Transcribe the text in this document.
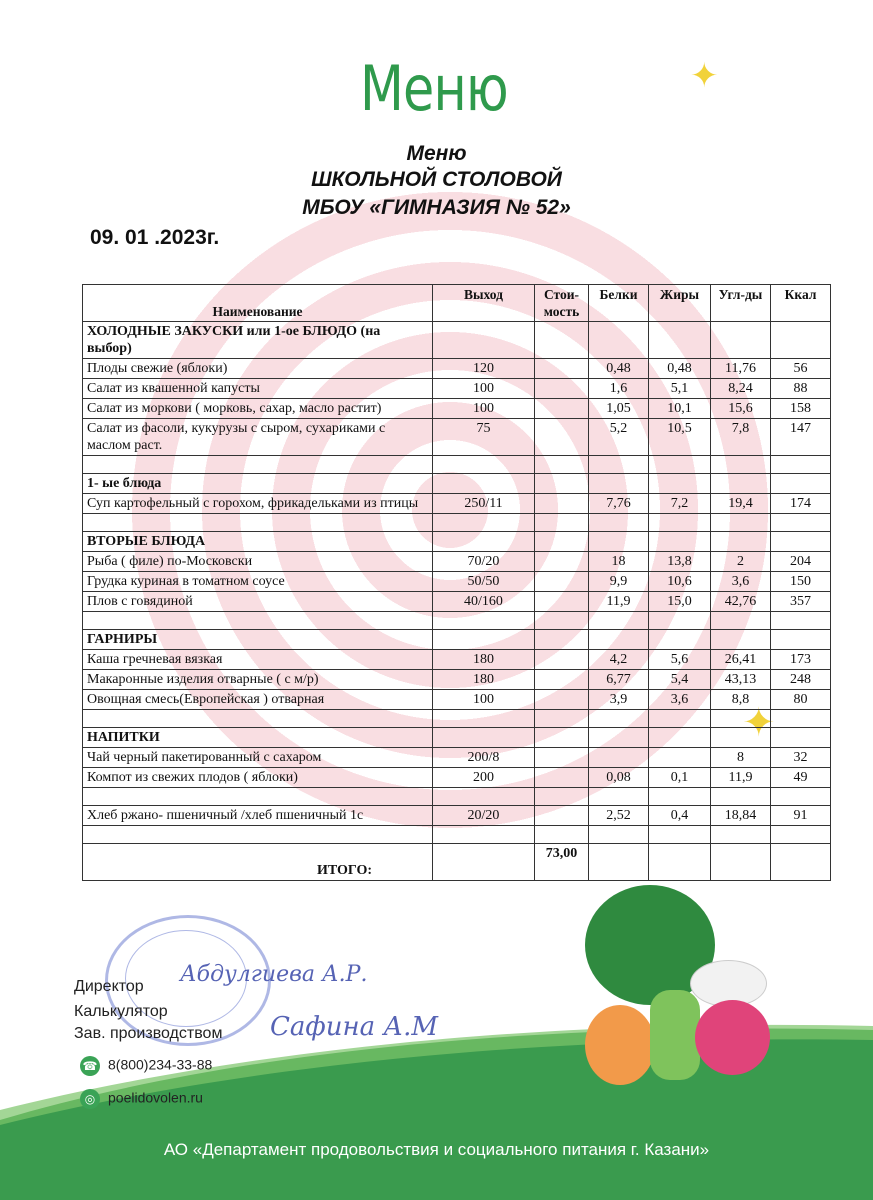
Меню	✦
✦
Меню
ШКОЛЬНОЙ СТОЛОВОЙ
МБОУ «ГИМНАЗИЯ № 52»
09. 01 .2023г.
Наименование	Выход	Стои-мость	Белки	Жиры	Угл-ды	Ккал
ХОЛОДНЫЕ ЗАКУСКИ или 1-ое БЛЮДО (на выбор)						
Плоды свежие (яблоки)	120		0,48	0,48	11,76	56
Салат из квашенной капусты	100		1,6	5,1	8,24	88
Салат из моркови ( морковь, сахар, масло растит)	100		1,05	10,1	15,6	158
Салат из фасоли, кукурузы с сыром, сухариками с маслом раст.	75		5,2	10,5	7,8	147

1- ые блюда						
Суп картофельный с горохом, фрикадельками из птицы	250/11		7,76	7,2	19,4	174

ВТОРЫЕ БЛЮДА						
Рыба ( филе) по-Московски	70/20		18	13,8	2	204
Грудка куриная в томатном соусе	50/50		9,9	10,6	3,6	150
Плов с говядиной	40/160		11,9	15,0	42,76	357

ГАРНИРЫ						
Каша гречневая вязкая	180		4,2	5,6	26,41	173
Макаронные изделия отварные ( с м/р)	180		6,77	5,4	43,13	248
Овощная смесь(Европейская ) отварная	100		3,9	3,6	8,8	80

НАПИТКИ						
Чай черный пакетированный с сахаром	200/8				8	32
Компот из свежих плодов ( яблоки)	200		0,08	0,1	11,9	49

Хлеб ржано- пшеничный /хлеб пшеничный 1с	20/20		2,52	0,4	18,84	91

ИТОГО:		73,00				
Директор
Калькулятор
Зав. производством
Абдулгиева А.Р.
Сафина А.М
☎ 8(800)234-33-88
◎ poelidovolen.ru
АО «Департамент продовольствия и социального питания г. Казани»
